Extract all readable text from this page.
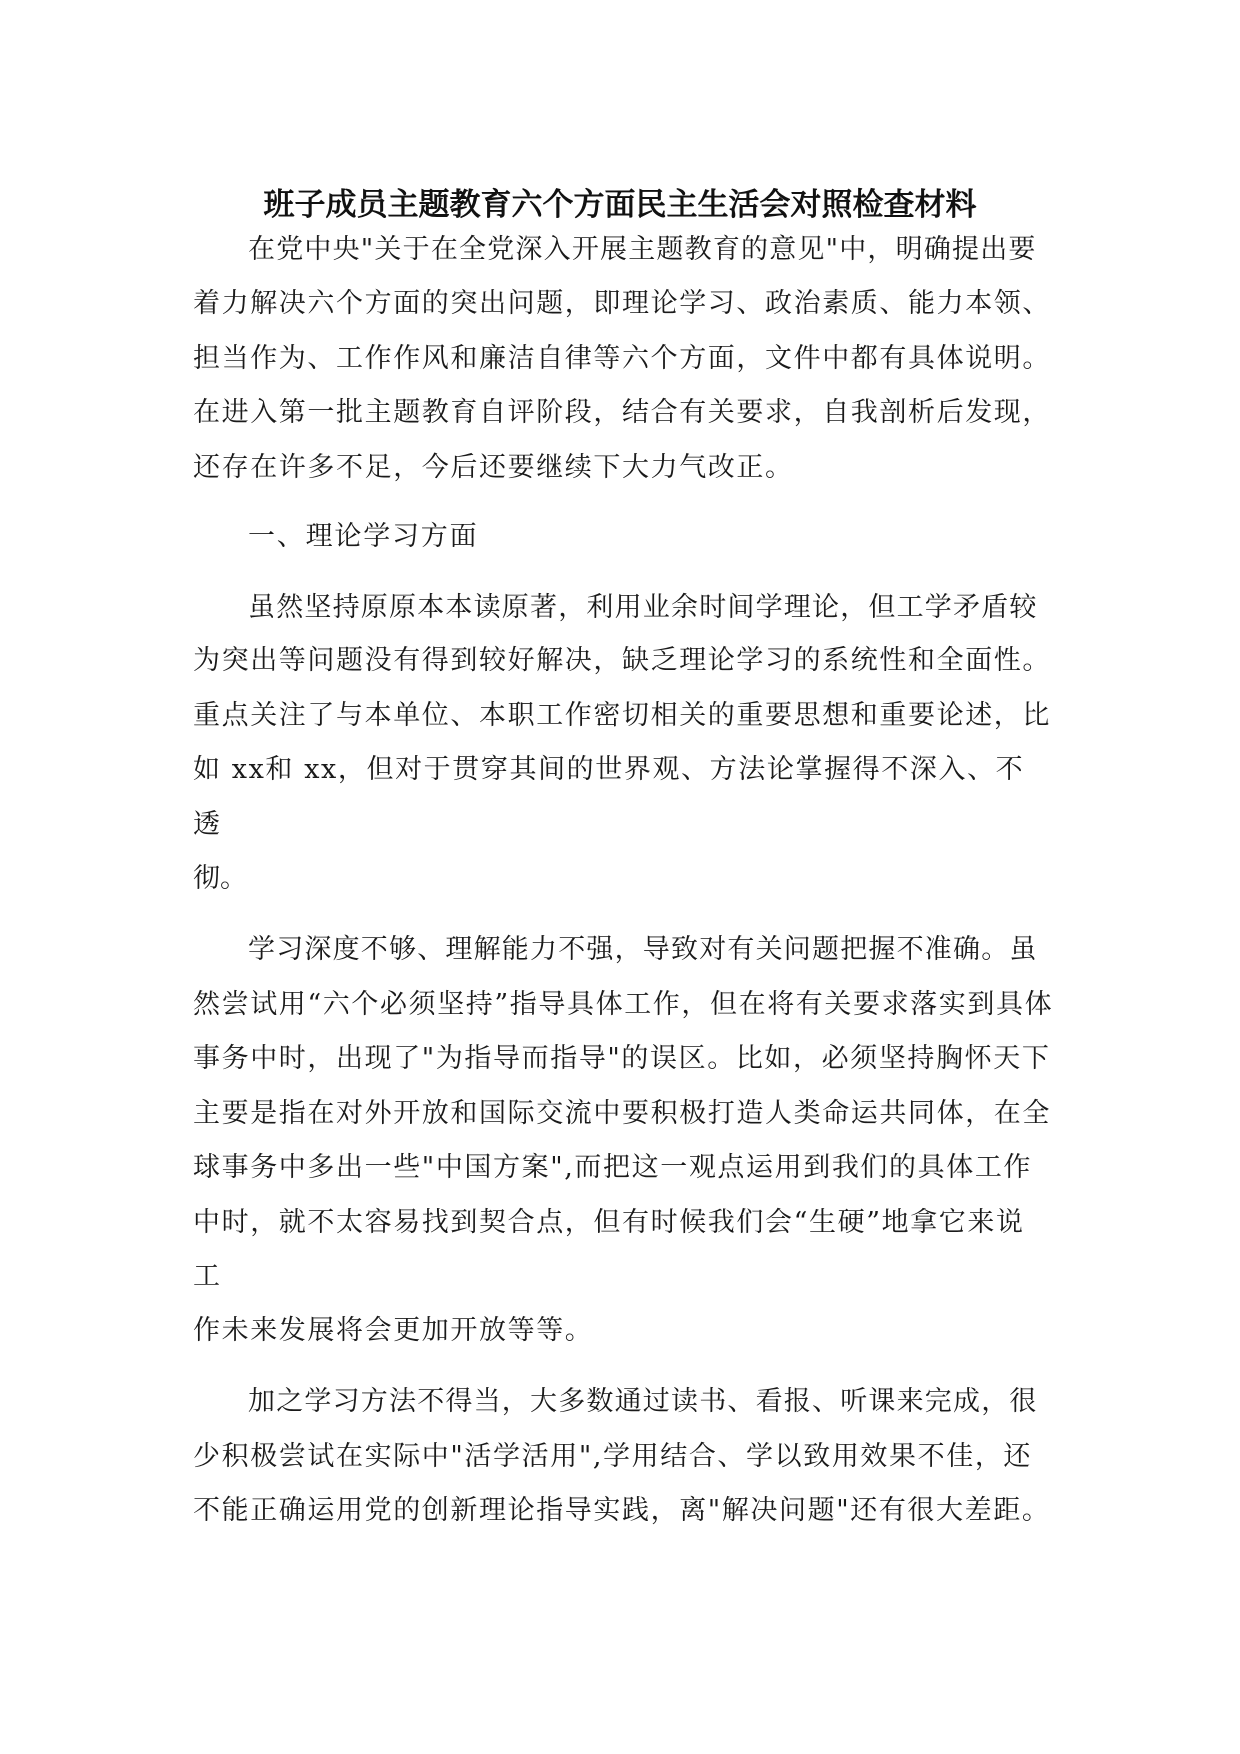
班子成员主题教育六个方面民主生活会对照检查材料
在党中央"关于在全党深入开展主题教育的意见"中，明确提出要
着力解决六个方面的突出问题，即理论学习、政治素质、能力本领、
担当作为、工作作风和廉洁自律等六个方面，文件中都有具体说明。
在进入第一批主题教育自评阶段，结合有关要求，自我剖析后发现，
还存在许多不足，今后还要继续下大力气改正。
一、理论学习方面
虽然坚持原原本本读原著，利用业余时间学理论，但工学矛盾较
为突出等问题没有得到较好解决，缺乏理论学习的系统性和全面性。
重点关注了与本单位、本职工作密切相关的重要思想和重要论述，比
如 xx和 xx，但对于贯穿其间的世界观、方法论掌握得不深入、不
透
彻。
学习深度不够、理解能力不强，导致对有关问题把握不准确。虽
然尝试用“六个必须坚持”指导具体工作，但在将有关要求落实到具体
事务中时，出现了"为指导而指导"的误区。比如，必须坚持胸怀天下
主要是指在对外开放和国际交流中要积极打造人类命运共同体，在全
球事务中多出一些"中国方案",而把这一观点运用到我们的具体工作
中时，就不太容易找到契合点，但有时候我们会“生硬”地拿它来说
工
作未来发展将会更加开放等等。
加之学习方法不得当，大多数通过读书、看报、听课来完成，很
少积极尝试在实际中"活学活用",学用结合、学以致用效果不佳，还
不能正确运用党的创新理论指导实践，离"解决问题"还有很大差距。
